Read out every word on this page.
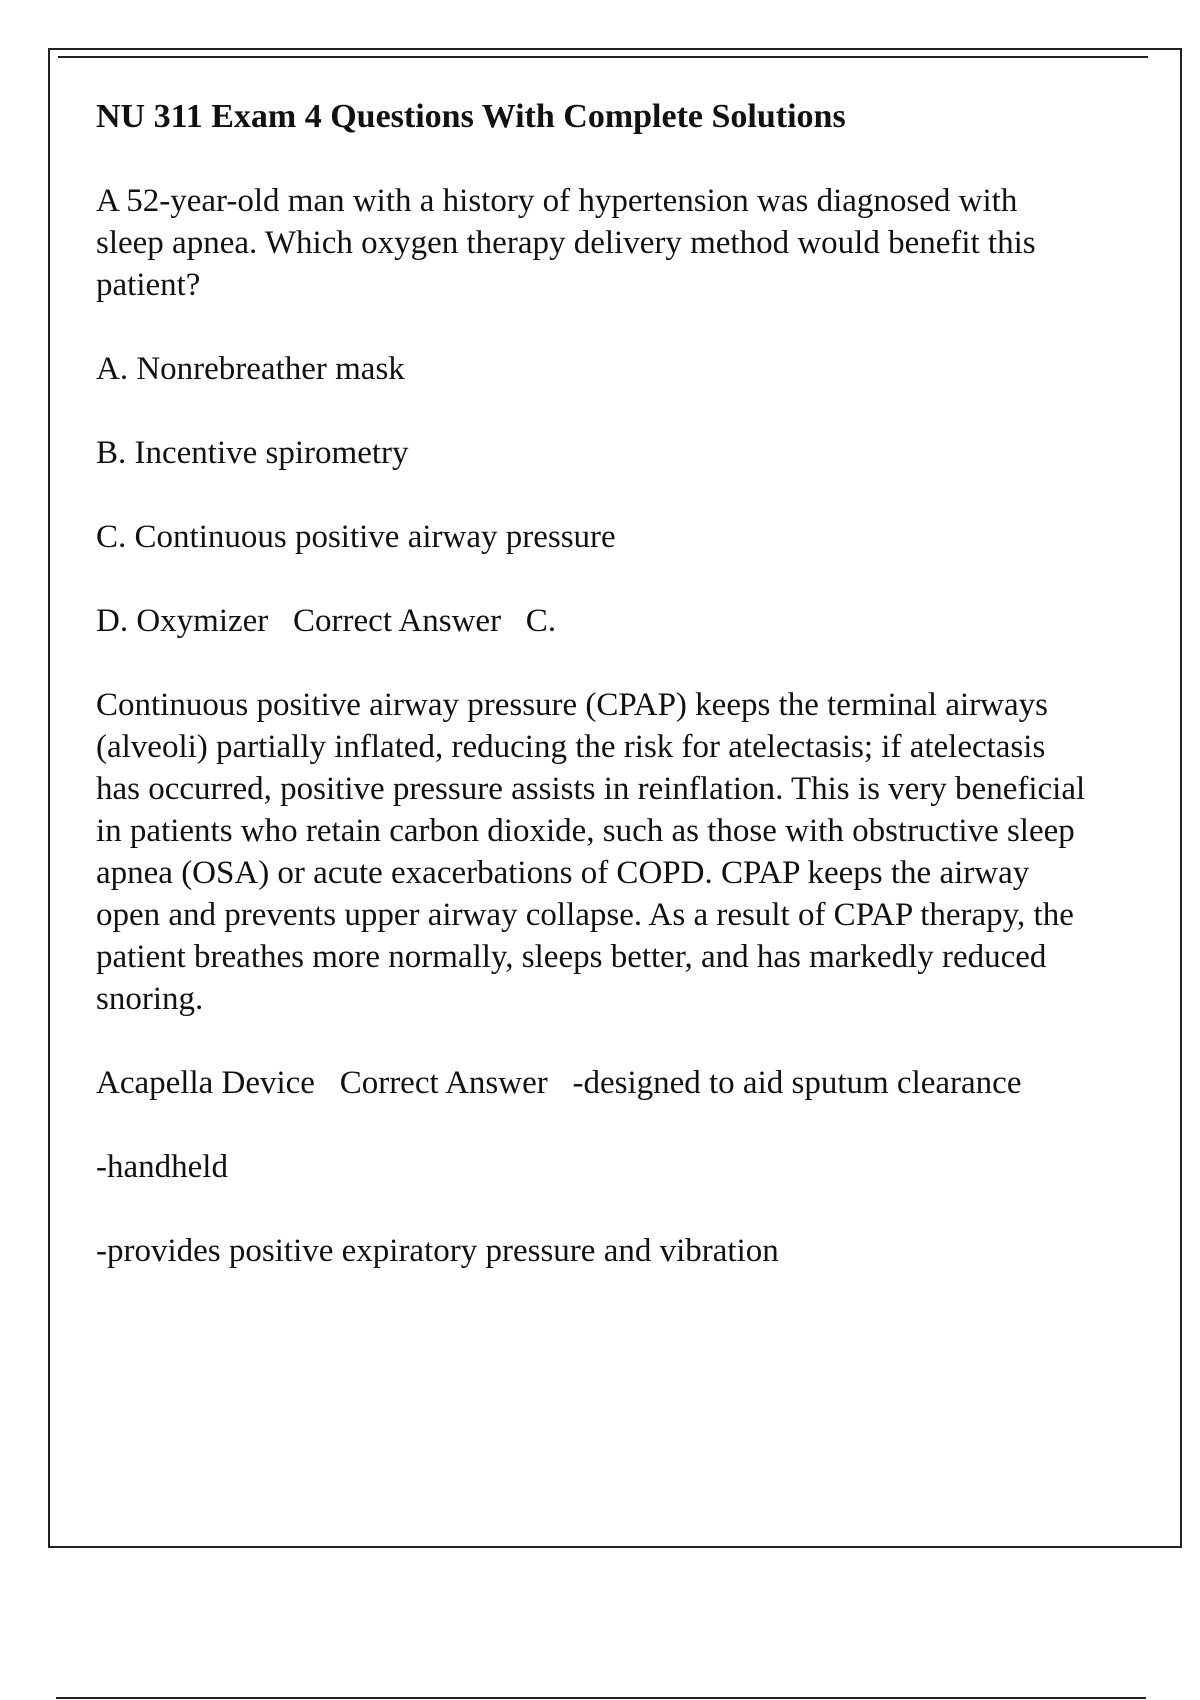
NU 311 Exam 4 Questions With Complete Solutions

A 52-year-old man with a history of hypertension was diagnosed with sleep apnea. Which oxygen therapy delivery method would benefit this patient?

A. Nonrebreather mask

B. Incentive spirometry

C. Continuous positive airway pressure

D. Oxymizer   Correct Answer   C.

Continuous positive airway pressure (CPAP) keeps the terminal airways (alveoli) partially inflated, reducing the risk for atelectasis; if atelectasis has occurred, positive pressure assists in reinflation. This is very beneficial in patients who retain carbon dioxide, such as those with obstructive sleep apnea (OSA) or acute exacerbations of COPD. CPAP keeps the airway open and prevents upper airway collapse. As a result of CPAP therapy, the patient breathes more normally, sleeps better, and has markedly reduced snoring.

Acapella Device   Correct Answer   -designed to aid sputum clearance

-handheld

-provides positive expiratory pressure and vibration
